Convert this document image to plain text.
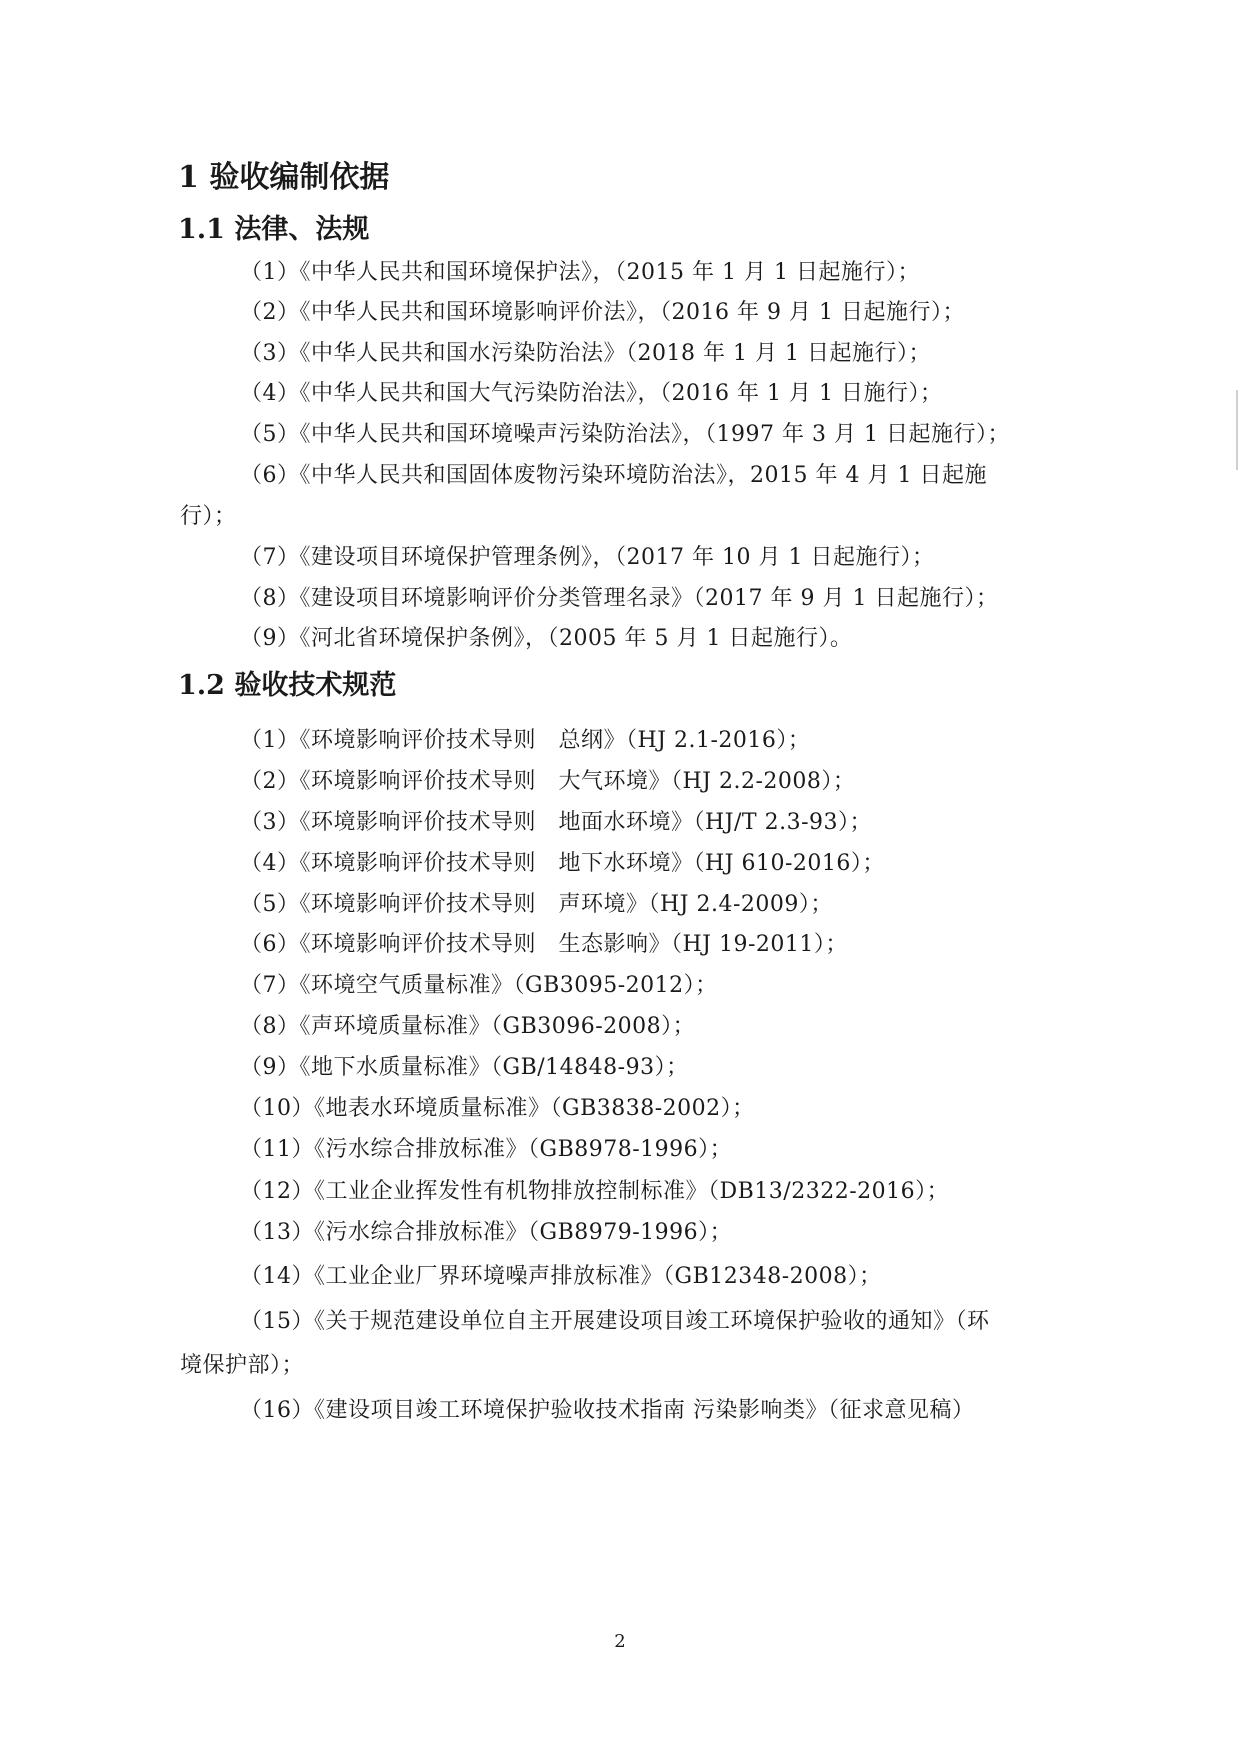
1 验收编制依据
1.1 法律、法规
（1）《中华人民共和国环境保护法》，（2015 年 1 月 1 日起施行）；
（2）《中华人民共和国环境影响评价法》，（2016 年 9 月 1 日起施行）；
（3）《中华人民共和国水污染防治法》（2018 年 1 月 1 日起施行）；
（4）《中华人民共和国大气污染防治法》，（2016 年 1 月 1 日施行）；
（5）《中华人民共和国环境噪声污染防治法》，（1997 年 3 月 1 日起施行）；
（6）《中华人民共和国固体废物污染环境防治法》，2015 年 4 月 1 日起施
行）；
（7）《建设项目环境保护管理条例》，（2017 年 10 月 1 日起施行）；
（8）《建设项目环境影响评价分类管理名录》（2017 年 9 月 1 日起施行）；
（9）《河北省环境保护条例》，（2005 年 5 月 1 日起施行）。
1.2 验收技术规范
（1）《环境影响评价技术导则　总纲》（HJ 2.1-2016）；
（2）《环境影响评价技术导则　大气环境》（HJ 2.2-2008）；
（3）《环境影响评价技术导则　地面水环境》（HJ/T 2.3-93）；
（4）《环境影响评价技术导则　地下水环境》（HJ 610-2016）；
（5）《环境影响评价技术导则　声环境》（HJ 2.4-2009）；
（6）《环境影响评价技术导则　生态影响》（HJ 19-2011）；
（7）《环境空气质量标准》（GB3095-2012）；
（8）《声环境质量标准》（GB3096-2008）；
（9）《地下水质量标准》（GB/14848-93）；
（10）《地表水环境质量标准》（GB3838-2002）；
（11）《污水综合排放标准》（GB8978-1996）；
（12）《工业企业挥发性有机物排放控制标准》（DB13/2322-2016）；
（13）《污水综合排放标准》（GB8979-1996）；
（14）《工业企业厂界环境噪声排放标准》（GB12348-2008）；
（15）《关于规范建设单位自主开展建设项目竣工环境保护验收的通知》（环
境保护部）；
（16）《建设项目竣工环境保护验收技术指南 污染影响类》（征求意见稿）
2
